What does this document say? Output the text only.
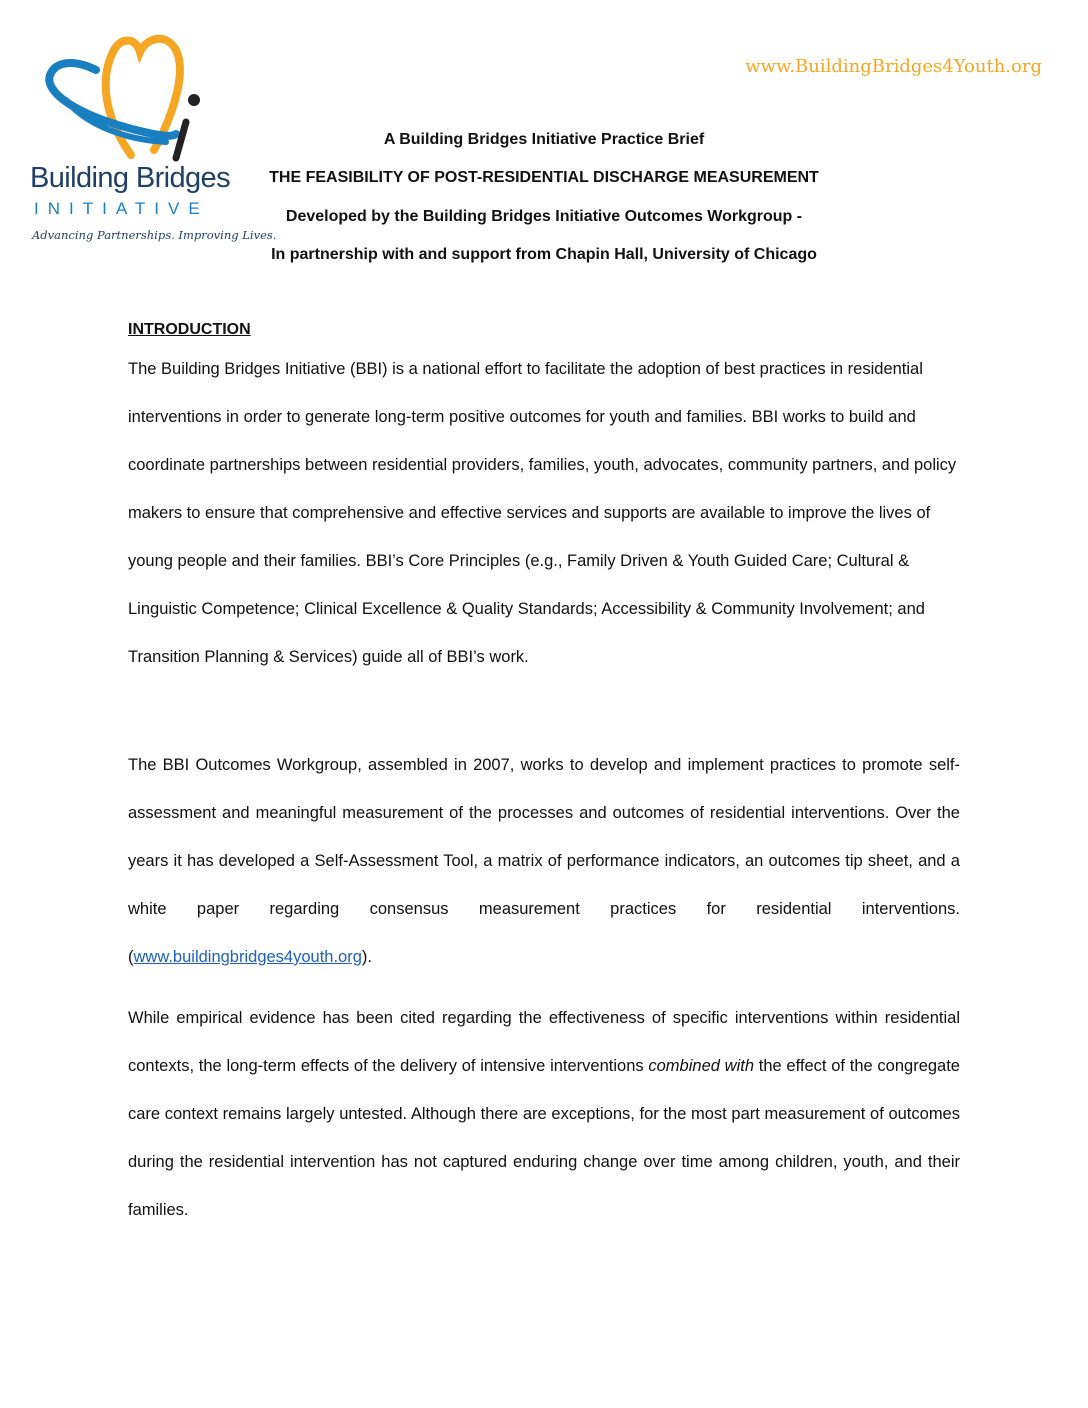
Building Bridges
INITIATIVE
Advancing Partnerships. Improving Lives.
www.BuildingBridges4Youth.org
A Building Bridges Initiative Practice Brief
THE FEASIBILITY OF POST-RESIDENTIAL DISCHARGE MEASUREMENT
Developed by the Building Bridges Initiative Outcomes Workgroup -
In partnership with and support from Chapin Hall, University of Chicago
INTRODUCTION

The Building Bridges Initiative (BBI) is a national effort to facilitate the adoption of best practices in residential interventions in order to generate long-term positive outcomes for youth and families. BBI works to build and coordinate partnerships between residential providers, families, youth, advocates, community partners, and policy makers to ensure that comprehensive and effective services and supports are available to improve the lives of young people and their families. BBI’s Core Principles (e.g., Family Driven & Youth Guided Care; Cultural & Linguistic Competence; Clinical Excellence & Quality Standards; Accessibility & Community Involvement; and Transition Planning & Services) guide all of BBI’s work.

The BBI Outcomes Workgroup, assembled in 2007, works to develop and implement practices to promote self-assessment and meaningful measurement of the processes and outcomes of residential interventions. Over the years it has developed a Self-Assessment Tool, a matrix of performance indicators, an outcomes tip sheet, and a white paper regarding consensus measurement practices for residential interventions. (www.buildingbridges4youth.org).

While empirical evidence has been cited regarding the effectiveness of specific interventions within residential contexts, the long-term effects of the delivery of intensive interventions combined with the effect of the congregate care context remains largely untested. Although there are exceptions, for the most part measurement of outcomes during the residential intervention has not captured enduring change over time among children, youth, and their families.
